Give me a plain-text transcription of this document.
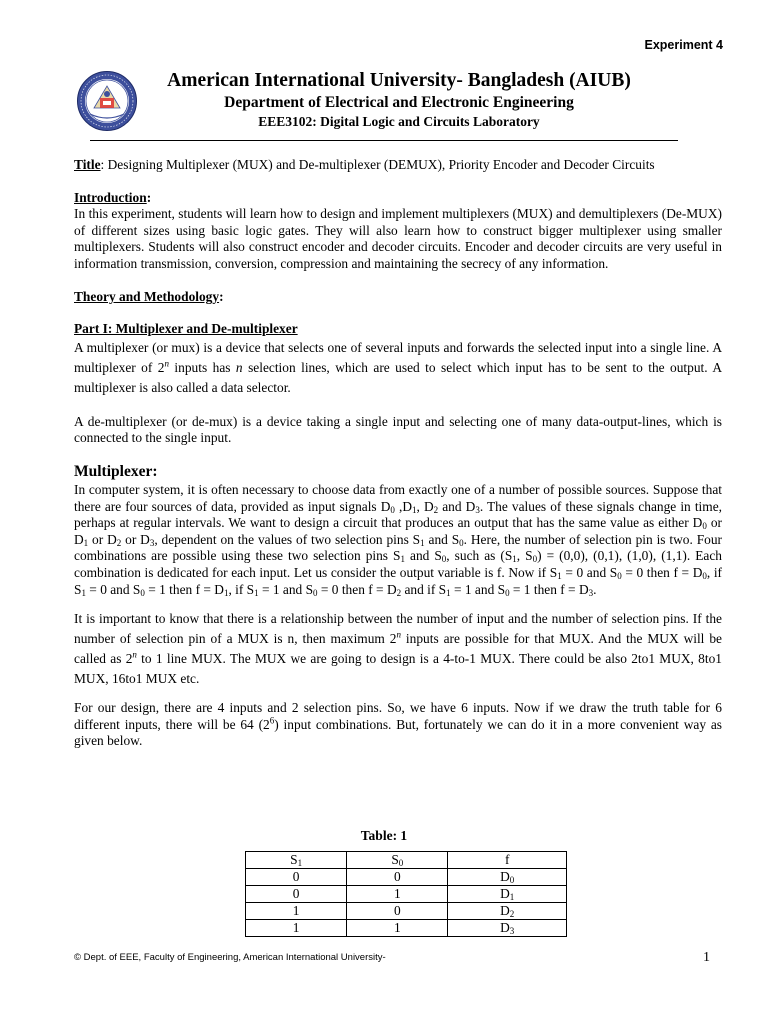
Experiment 4
American International University- Bangladesh (AIUB)
Department of Electrical and Electronic Engineering
EEE3102: Digital Logic and Circuits Laboratory

Title: Designing Multiplexer (MUX) and De-multiplexer (DEMUX), Priority Encoder and Decoder Circuits

Introduction:

In this experiment, students will learn how to design and implement multiplexers (MUX) and demultiplexers (De-MUX) of different sizes using basic logic gates. They will also learn how to construct bigger multiplexer using smaller multiplexers. Students will also construct encoder and decoder circuits. Encoder and decoder circuits are very useful in information transmission, conversion, compression and maintaining the secrecy of any information.

Theory and Methodology:

Part I: Multiplexer and De-multiplexer

A multiplexer (or mux) is a device that selects one of several inputs and forwards the selected input into a single line. A multiplexer of 2$^n$ inputs has n selection lines, which are used to select which input has to be sent to the output. A multiplexer is also called a data selector.

A de-multiplexer (or de-mux) is a device taking a single input and selecting one of many data-output-lines, which is connected to the single input.

Multiplexer:

In computer system, it is often necessary to choose data from exactly one of a number of possible sources. Suppose that there are four sources of data, provided as input signals $D_0$ $,D_1$, $D_2$ and $D_3$. The values of these signals change in time, perhaps at regular intervals. We want to design a circuit that produces an output that has the same value as either $D_0$ or $D_1$ or $D_2$ or $D_3$, dependent on the values of two selection pins $S_1$ and $S_0$. Here, the number of selection pin is two. Four combinations are possible using these two selection pins $S_1$ and $S_0$, such as ($S_1$, $S_0) = (0,0)$, (0,1), (1,0), (1,1). Each combination is dedicated for each input. Let us consider the output variable is f. Now if $S_1 = 0$ and $S_0 = 0$ then $f = D_0$, if $S_1 = 0$ and $S_0 = 1$ then $f = D_1$, if $S_1 = 1$ and $S_0 = 0$ then $f = D_2$ and if $S_1 = 1$ and $S_0 = 1$ then $f = D_3$.

It is important to know that there is a relationship between the number of input and the number of selection pins. If the number of selection pin of a MUX is n, then maximum 2$^n$ inputs are possible for that MUX. And the MUX will be called as 2$^n$ to 1 line MUX. The MUX we are going to design is a 4-to-1 MUX. There could be also 2to1 MUX, 8to1 MUX, 16to1 MUX etc.

For our design, there are 4 inputs and 2 selection pins. So, we have 6 inputs. Now if we draw the truth table for 6 different inputs, there will be 64 $(2^6)$ input combinations. But, fortunately we can do it in a more convenient way as given below.

Table: 1
$S_1$	$S_0$	f
0	0	$D_0$
0	1	$D_1$
1	0	$D_2$
1	1	$D_3$
© Dept. of EEE, Faculty of Engineering, American International University-	1
